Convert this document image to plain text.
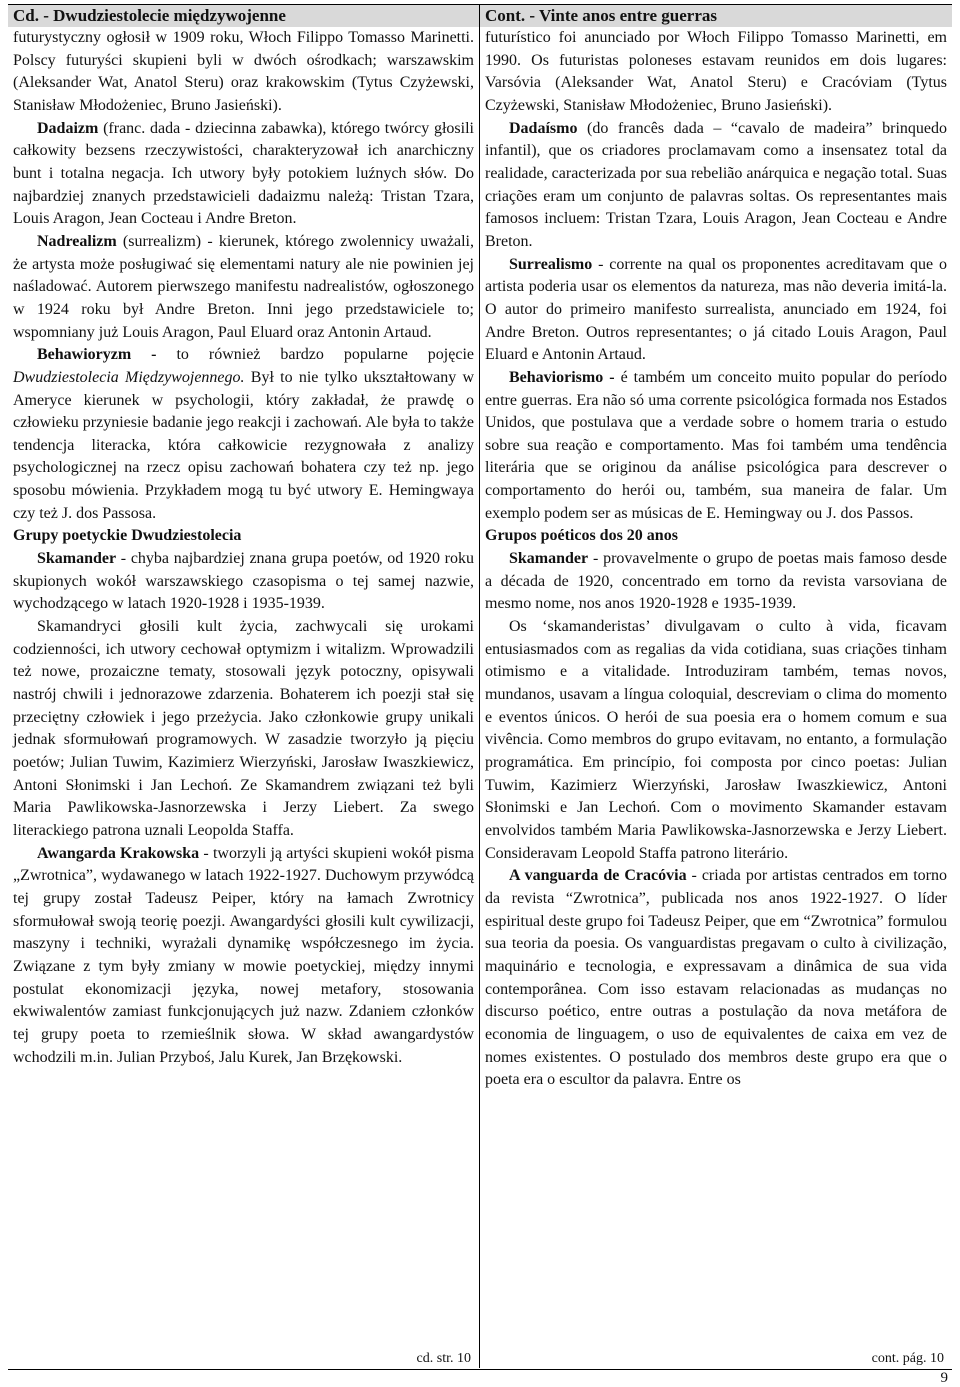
Cd. - Dwudziestolecie międzywojenne

futurystyczny ogłosił w 1909 roku, Włoch Filippo Tomasso Marinetti. Polscy futuryści skupieni byli w dwóch ośrodkach; warszawskim (Aleksander Wat, Anatol Steru) oraz krakowskim (Tytus Czyżewski, Stanisław Młodożeniec, Bruno Jasieński).

Dadaizm (franc. dada - dziecinna zabawka), którego twórcy głosili całkowity bezsens rzeczywistości, charakteryzował ich anarchiczny bunt i totalna negacja. Ich utwory były potokiem luźnych słów. Do najbardziej znanych przedstawicieli dadaizmu należą: Tristan Tzara, Louis Aragon, Jean Cocteau i Andre Breton.

Nadrealizm (surrealizm) - kierunek, którego zwolennicy uważali, że artysta może posługiwać się elementami natury ale nie powinien jej naśladować. Autorem pierwszego manifestu nadrealistów, ogłoszonego w 1924 roku był Andre Breton. Inni jego przedstawiciele to; wspomniany już Louis Aragon, Paul Eluard oraz Antonin Artaud.

Behawioryzm - to również bardzo popularne pojęcie Dwudziestolecia Międzywojennego. Był to nie tylko ukształtowany w Ameryce kierunek w psychologii, który zakładał, że prawdę o człowieku przyniesie badanie jego reakcji i zachowań. Ale była to także tendencja literacka, która całkowicie rezygnowała z analizy psychologicznej na rzecz opisu zachowań bohatera czy też np. jego sposobu mówienia. Przykładem mogą tu być utwory E. Hemingwaya czy też J. dos Passosa.

Grupy poetyckie Dwudziestolecia

Skamander - chyba najbardziej znana grupa poetów, od 1920 roku skupionych wokół warszawskiego czasopisma o tej samej nazwie, wychodzącego w latach 1920-1928 i 1935-1939.

Skamandryci głosili kult życia, zachwycali się urokami codzienności, ich utwory cechował optymizm i witalizm. Wprowadzili też nowe, prozaiczne tematy, stosowali język potoczny, opisywali nastrój chwili i jednorazowe zdarzenia. Bohaterem ich poezji stał się przeciętny człowiek i jego przeżycia. Jako członkowie grupy unikali jednak sformułowań programowych. W zasadzie tworzyło ją pięciu poetów; Julian Tuwim, Kazimierz Wierzyński, Jarosław Iwaszkiewicz, Antoni Słonimski i Jan Lechoń. Ze Skamandrem związani też byli Maria Pawlikowska-Jasnorzewska i Jerzy Liebert. Za swego literackiego patrona uznali Leopolda Staffa.

Awangarda Krakowska - tworzyli ją artyści skupieni wokół pisma „Zwrotnica”, wydawanego w latach 1922-1927. Duchowym przywódcą tej grupy został Tadeusz Peiper, który na łamach Zwrotnicy sformułował swoją teorię poezji. Awangardyści głosili kult cywilizacji, maszyny i techniki, wyrażali dynamikę współczesnego im życia. Związane z tym były zmiany w mowie poetyckiej, między innymi postulat ekonomizacji języka, nowej metafory, stosowania ekwiwalentów zamiast funkcjonujących już nazw. Zdaniem członków tej grupy poeta to rzemieślnik słowa. W skład awangardystów wchodzili m.in. Julian Przyboś, Jalu Kurek, Jan Brzękowski.

cd. str. 10
Cont. - Vinte anos entre guerras

futurístico foi anunciado por Włoch Filippo Tomasso Marinetti, em 1990. Os futuristas poloneses estavam reunidos em dois lugares: Varsóvia (Aleksander Wat, Anatol Steru) e Cracóviam (Tytus Czyżewski, Stanisław Młodożeniec, Bruno Jasieński).

Dadaísmo (do francês dada – “cavalo de madeira” brinquedo infantil), que os criadores proclamavam como a insensatez total da realidade, caracterizada por sua rebelião anárquica e negação total. Suas criações eram um conjunto de palavras soltas. Os representantes mais famosos incluem: Tristan Tzara, Louis Aragon, Jean Cocteau e Andre Breton.

Surrealismo - corrente na qual os proponentes acreditavam que o artista poderia usar os elementos da natureza, mas não deveria imitá-la. O autor do primeiro manifesto surrealista, anunciado em 1924, foi Andre Breton. Outros representantes; o já citado Louis Aragon, Paul Eluard e Antonin Artaud.

Behaviorismo - é também um conceito muito popular do período entre guerras. Era não só uma corrente psicológica formada nos Estados Unidos, que postulava que a verdade sobre o homem traria o estudo sobre sua reação e comportamento. Mas foi também uma tendência literária que se originou da análise psicológica para descrever o comportamento do herói ou, também, sua maneira de falar. Um exemplo podem ser as músicas de E. Hemingway ou J. dos Passos.

Grupos poéticos dos 20 anos

Skamander - provavelmente o grupo de poetas mais famoso desde a década de 1920, concentrado em torno da revista varsoviana de mesmo nome, nos anos 1920-1928 e 1935-1939.

Os ‘skamanderistas’ divulgavam o culto à vida, ficavam entusiasmados com as regalias da vida cotidiana, suas criações tinham otimismo e a vitalidade. Introduziram também, temas novos, mundanos, usavam a língua coloquial, descreviam o clima do momento e eventos únicos. O herói de sua poesia era o homem comum e sua vivência. Como membros do grupo evitavam, no entanto, a formulação programática. Em princípio, foi composta por cinco poetas: Julian Tuwim, Kazimierz Wierzyński, Jarosław Iwaszkiewicz, Antoni Słonimski e Jan Lechoń. Com o movimento Skamander estavam envolvidos também Maria Pawlikowska-Jasnorzewska e Jerzy Liebert. Consideravam Leopold Staffa patrono literário.

A vanguarda de Cracóvia - criada por artistas centrados em torno da revista “Zwrotnica”, publicada nos anos 1922-1927. O líder espiritual deste grupo foi Tadeusz Peiper, que em “Zwrotnica” formulou sua teoria da poesia. Os vanguardistas pregavam o culto à civilização, maquinário e tecnologia, e expressavam a dinâmica de sua vida contemporânea. Com isso estavam relacionadas as mudanças no discurso poético, entre outras a postulação da nova metáfora de economia de linguagem, o uso de equivalentes de caixa em vez de nomes existentes. O postulado dos membros deste grupo era que o poeta era o escultor da palavra. Entre os

cont. pág. 10
9
